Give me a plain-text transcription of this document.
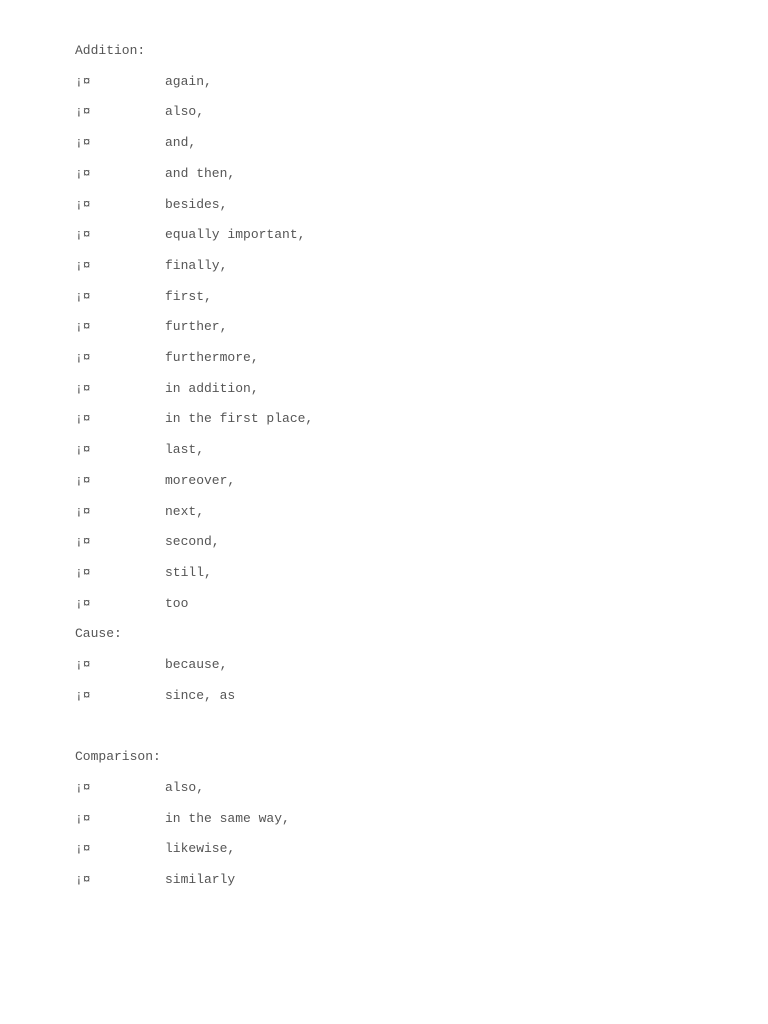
Addition:
¡¤	again,
¡¤	also,
¡¤	and,
¡¤	and then,
¡¤	besides,
¡¤	equally important,
¡¤	finally,
¡¤	first,
¡¤	further,
¡¤	furthermore,
¡¤	in addition,
¡¤	in the first place,
¡¤	last,
¡¤	moreover,
¡¤	next,
¡¤	second,
¡¤	still,
¡¤	too
Cause:
¡¤	because,
¡¤	since, as
Comparison:
¡¤	also,
¡¤	in the same way,
¡¤	likewise,
¡¤	similarly
